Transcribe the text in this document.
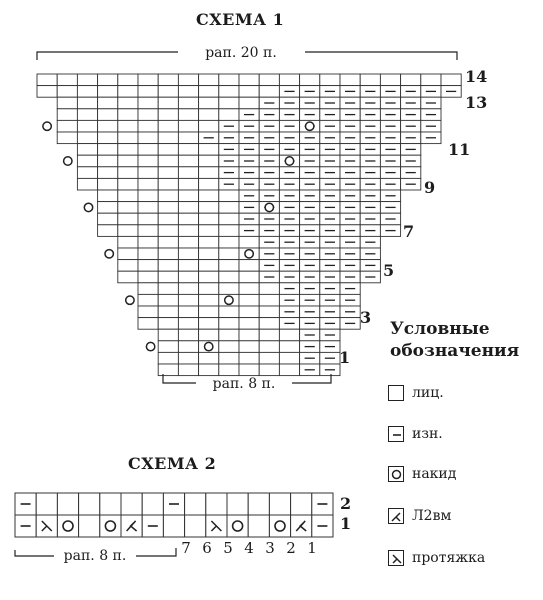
СХЕМА 1
СХЕМА 2
рап. 20 п.
рап. 8 п.
14
13
11
9
7
5
3
1
рап. 8 п.
2
1
7 6 5 4 3 2 1
Условные
обозначения
лиц.
изн.
накид
Л2вм
протяжка
